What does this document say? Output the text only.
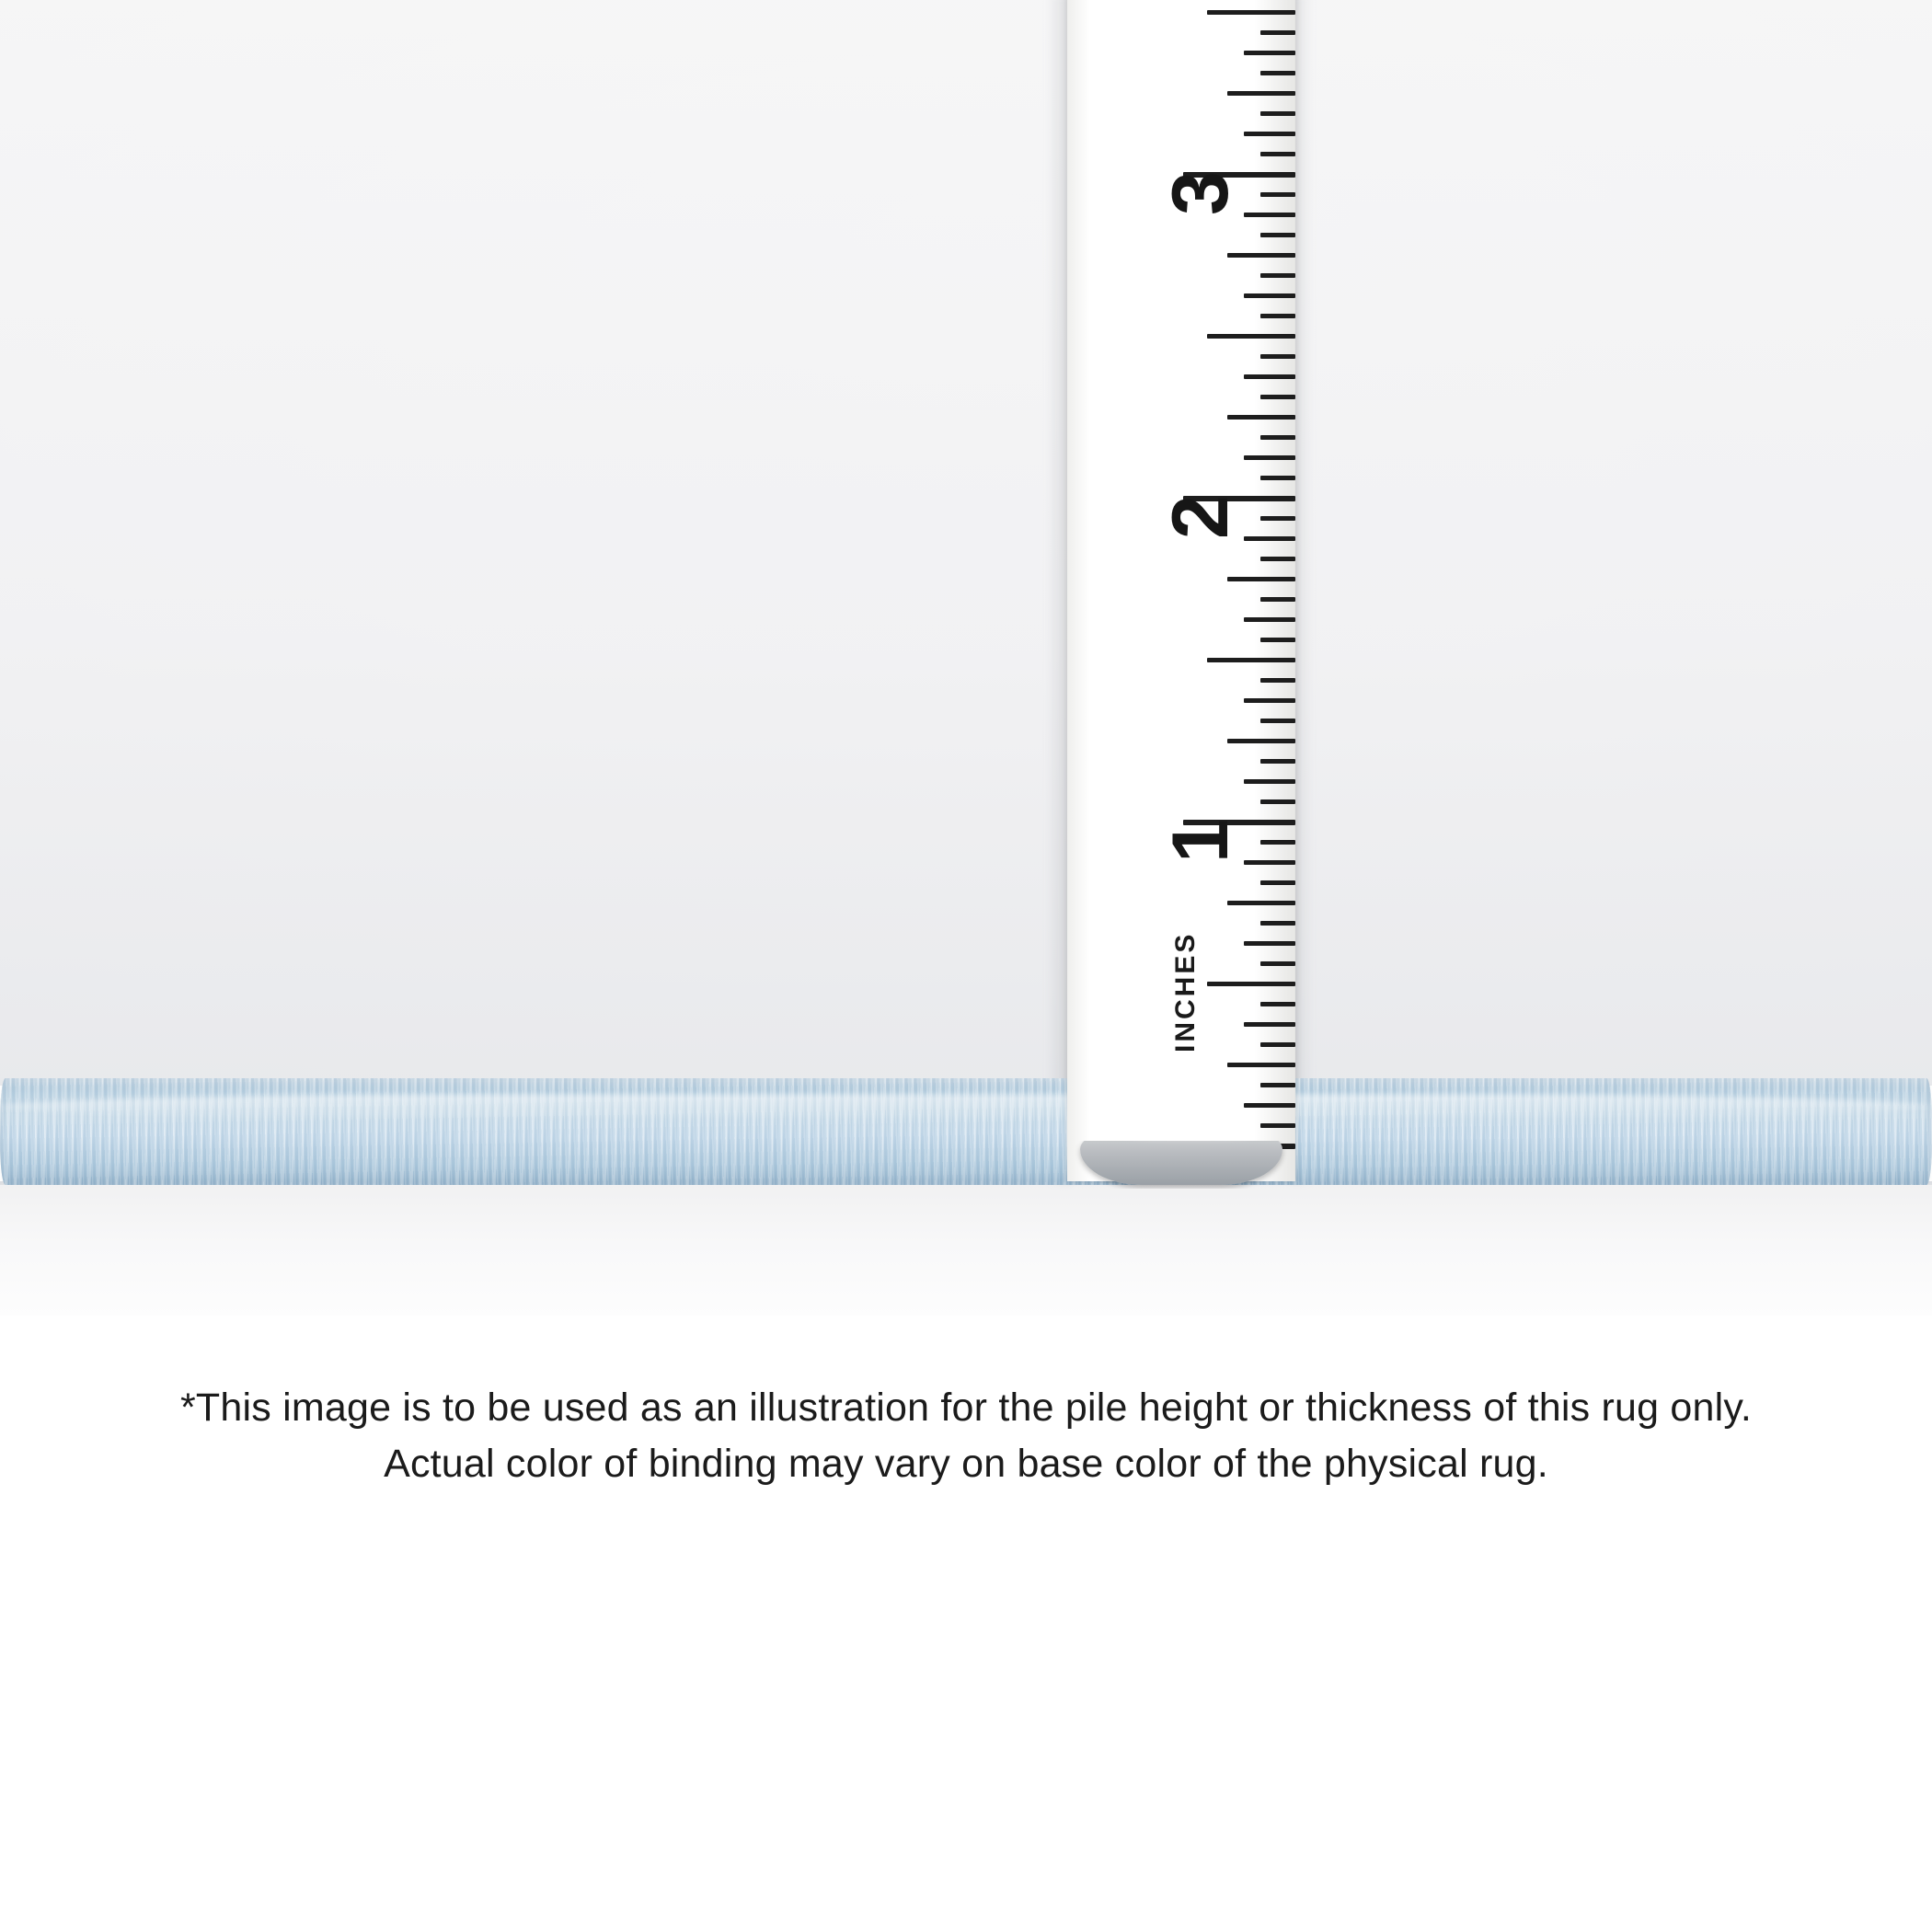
INCHES
1
2
3
*This image is to be used as an illustration for the pile height or thickness of this rug only.
Actual color of binding may vary on base color of the physical rug.
